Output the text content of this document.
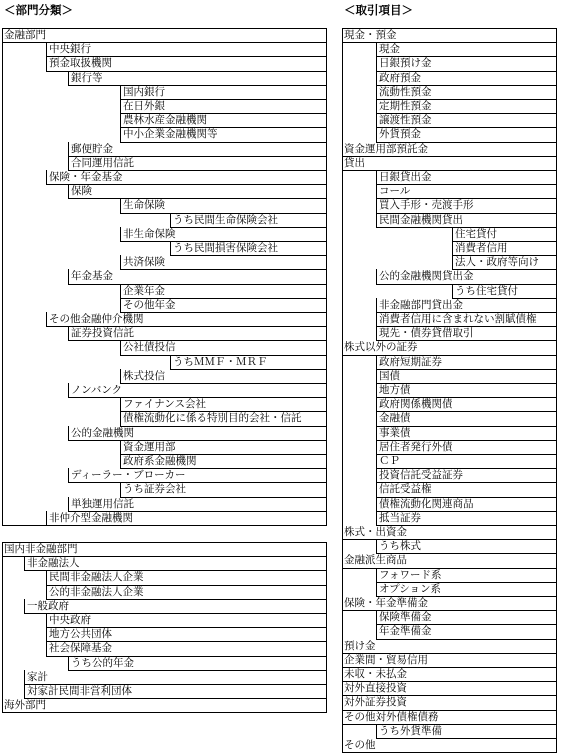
＜部門分類＞	＜取引項目＞
金融部門
中央銀行
預金取扱機関
銀行等
国内銀行
在日外銀
農林水産金融機関
中小企業金融機関等
郵便貯金
合同運用信託
保険・年金基金
保険
生命保険
うち民間生命保険会社
非生命保険
うち民間損害保険会社
共済保険
年金基金
企業年金
その他年金
その他金融仲介機関
証券投資信託
公社債投信
うちＭＭＦ・ＭＲＦ
株式投信
ノンバンク
ファイナンス会社
債権流動化に係る特別目的会社・信託
公的金融機関
資金運用部
政府系金融機関
ディーラー・ブローカー
うち証券会社
単独運用信託
非仲介型金融機関
国内非金融部門
非金融法人
民間非金融法人企業
公的非金融法人企業
一般政府
中央政府
地方公共団体
社会保障基金
うち公的年金
家計
対家計民間非営利団体
海外部門
現金・預金
現金
日銀預け金
政府預金
流動性預金
定期性預金
譲渡性預金
外貨預金
資金運用部預託金
貸出
日銀貸出金
コール
買入手形・売渡手形
民間金融機関貸出
住宅貸付
消費者信用
法人・政府等向け
公的金融機関貸出金
うち住宅貸付
非金融部門貸出金
消費者信用に含まれない割賦債権
現先・債券貸借取引
株式以外の証券
政府短期証券
国債
地方債
政府関係機関債
金融債
事業債
居住者発行外債
ＣＰ
投資信託受益証券
信託受益権
債権流動化関連商品
抵当証券
株式・出資金
うち株式
金融派生商品
フォワード系
オプション系
保険・年金準備金
保険準備金
年金準備金
預け金
企業間・貿易信用
未収・未払金
対外直接投資
対外証券投資
その他対外債権債務
うち外貨準備
その他
